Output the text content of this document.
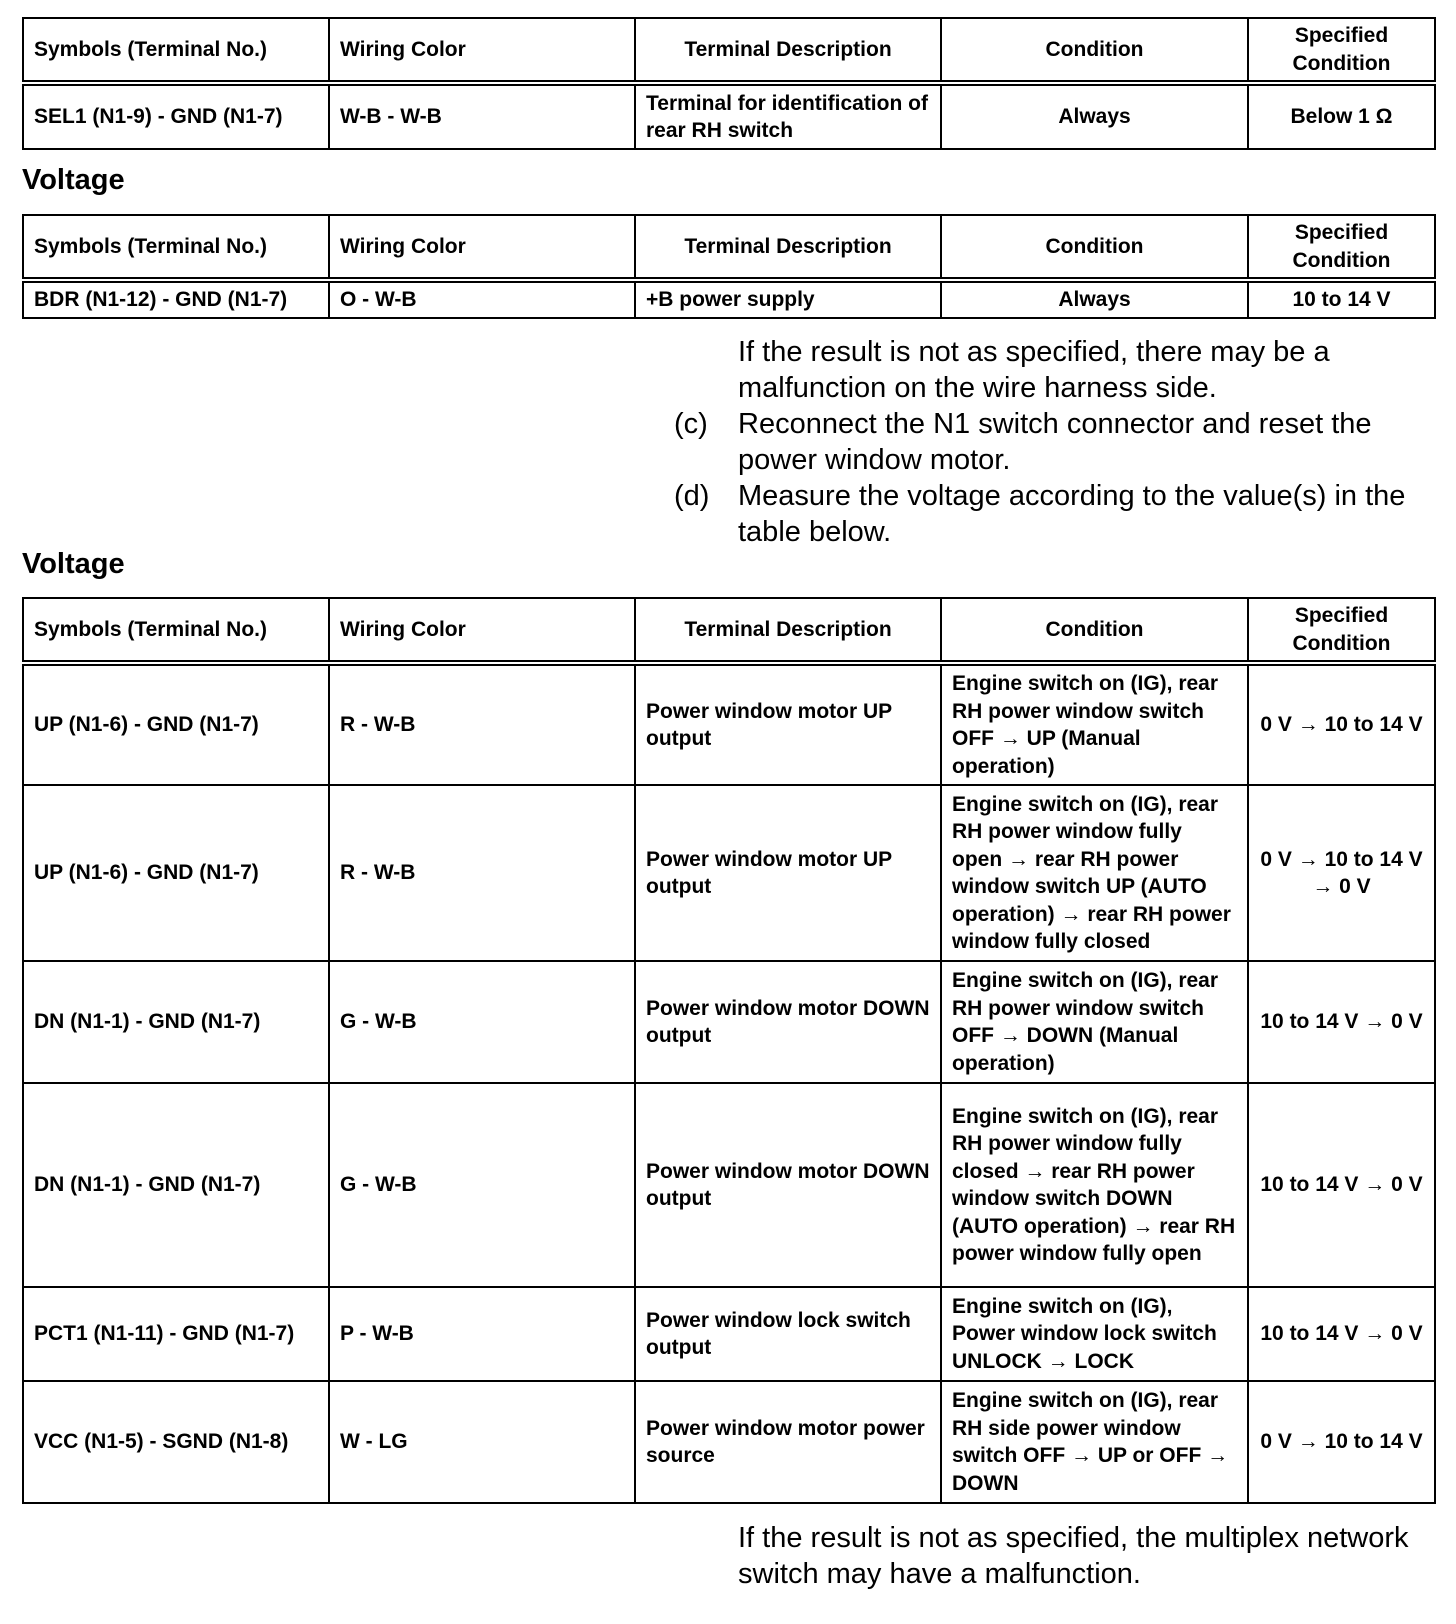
Symbols (Terminal No.)	Wiring Color	Terminal Description	Condition	Specified Condition
SEL1 (N1-9) - GND (N1-7)	W-B - W-B	Terminal for identification of rear RH switch	Always	Below 1 Ω
Voltage
Symbols (Terminal No.)	Wiring Color	Terminal Description	Condition	Specified Condition
BDR (N1-12) - GND (N1-7)	O - W-B	+B power supply	Always	10 to 14 V

If the result is not as specified, there may be a malfunction on the wire harness side.

(c) Reconnect the N1 switch connector and reset the power window motor.
(d) Measure the voltage according to the value(s) in the table below.
Voltage
Symbols (Terminal No.)	Wiring Color	Terminal Description	Condition	Specified Condition
UP (N1-6) - GND (N1-7)	R - W-B	Power window motor UP output	Engine switch on (IG), rear RH power window switch OFF → UP (Manual operation)	0 V → 10 to 14 V
UP (N1-6) - GND (N1-7)	R - W-B	Power window motor UP output	Engine switch on (IG), rear RH power window fully open → rear RH power window switch UP (AUTO operation) → rear RH power window fully closed	0 V → 10 to 14 V → 0 V
DN (N1-1) - GND (N1-7)	G - W-B	Power window motor DOWN output	Engine switch on (IG), rear RH power window switch OFF → DOWN (Manual operation)	10 to 14 V → 0 V
DN (N1-1) - GND (N1-7)	G - W-B	Power window motor DOWN output	Engine switch on (IG), rear RH power window fully closed → rear RH power window switch DOWN (AUTO operation) → rear RH power window fully open	10 to 14 V → 0 V
PCT1 (N1-11) - GND (N1-7)	P - W-B	Power window lock switch output	Engine switch on (IG), Power window lock switch UNLOCK → LOCK	10 to 14 V → 0 V
VCC (N1-5) - SGND (N1-8)	W - LG	Power window motor power source	Engine switch on (IG), rear RH side power window switch OFF → UP or OFF → DOWN	0 V → 10 to 14 V

If the result is not as specified, the multiplex network switch may have a malfunction.
